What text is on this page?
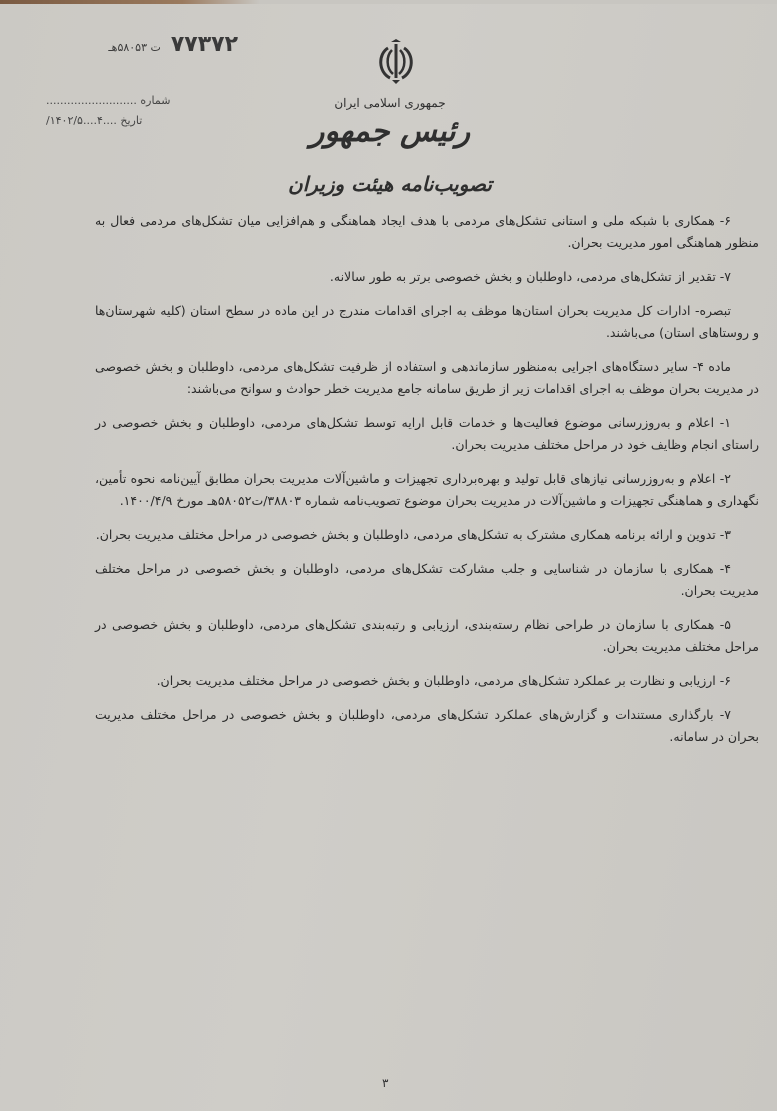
۷۷۳۷۲
ت ۵۸۰۵۳هـ
شماره ..........................
تاریخ ....۴....۱۴۰۲/۵/
جمهوری اسلامی ایران
رئیس جمهور
تصویب‌نامه هیئت وزیران

۶- همکاری با شبکه ملی و استانی تشکل‌های مردمی با هدف ایجاد هماهنگی و هم‌افزایی میان تشکل‌های مردمی فعال به منظور هماهنگی امور مدیریت بحران.

۷- تقدیر از تشکل‌های مردمی، داوطلبان و بخش خصوصی برتر به طور سالانه.

تبصره- ادارات کل مدیریت بحران استان‌ها موظف به اجرای اقدامات مندرج در این ماده در سطح استان (کلیه شهرستان‌ها و روستاهای استان) می‌باشند.

ماده ۴- سایر دستگاه‌های اجرایی به‌منظور سازماندهی و استفاده از ظرفیت تشکل‌های مردمی، داوطلبان و بخش خصوصی در مدیریت بحران موظف به اجرای اقدامات زیر از طریق سامانه جامع مدیریت خطر حوادث و سوانح می‌باشند:

۱- اعلام و به‌روزرسانی موضوع فعالیت‌ها و خدمات قابل ارایه توسط تشکل‌های مردمی، داوطلبان و بخش خصوصی در راستای انجام وظایف خود در مراحل مختلف مدیریت بحران.

۲- اعلام و به‌روزرسانی نیازهای قابل تولید و بهره‌برداری تجهیزات و ماشین‌آلات مدیریت بحران مطابق آیین‌نامه نحوه تأمین، نگهداری و هماهنگی تجهیزات و ماشین‌آلات در مدیریت بحران موضوع تصویب‌نامه شماره ۳۸۸۰۳/ت۵۸۰۵۲هـ مورخ ۱۴۰۰/۴/۹.

۳- تدوین و ارائه برنامه همکاری مشترک به تشکل‌های مردمی، داوطلبان و بخش خصوصی در مراحل مختلف مدیریت بحران.

۴- همکاری با سازمان در شناسایی و جلب مشارکت تشکل‌های مردمی، داوطلبان و بخش خصوصی در مراحل مختلف مدیریت بحران.

۵- همکاری با سازمان در طراحی نظام رسته‌بندی، ارزیابی و رتبه‌بندی تشکل‌های مردمی، داوطلبان و بخش خصوصی در مراحل مختلف مدیریت بحران.

۶- ارزیابی و نظارت بر عملکرد تشکل‌های مردمی، داوطلبان و بخش خصوصی در مراحل مختلف مدیریت بحران.

۷- بارگذاری مستندات و گزارش‌های عملکرد تشکل‌های مردمی، داوطلبان و بخش خصوصی در مراحل مختلف مدیریت بحران در سامانه.

۳
